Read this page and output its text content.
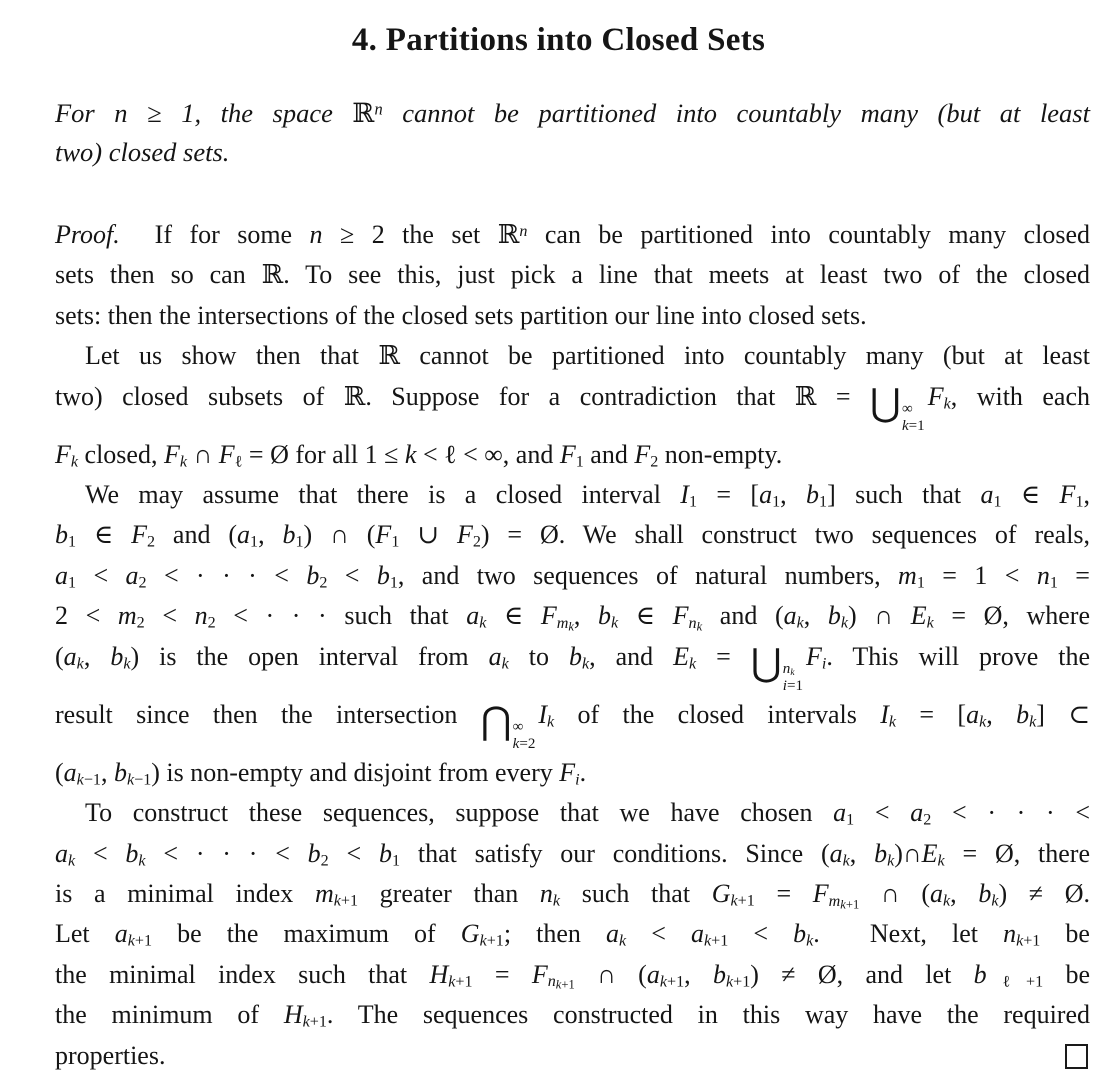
4. Partitions into Closed Sets
For n ≥ 1, the space ℝ$^n$ cannot be partitioned into countably many (but at least
two) closed sets.
Proof.  If for some n ≥ 2 the set ℝ$^n$ can be partitioned into countably many closed
sets then so can ℝ. To see this, just pick a line that meets at least two of the closed
sets: then the intersections of the closed sets partition our line into closed sets.
Let us show then that ℝ cannot be partitioned into countably many (but at least
two) closed subsets of ℝ. Suppose for a contradiction that ℝ = ⋃ ∞
k=1
$F_k$, with each
$F_k$ closed, $F_k$ ∩ $F_\ell$ = Ø for all 1 ≤ k < ℓ < ∞, and $F_1$ and $F_2$ non-empty.
We may assume that there is a closed interval $I_1 = [a_1$, $b_1$] such that $a_1$ ∈ $F_1$,
$b_1$ ∈ $F_2$ and ($a_1$, $b_1$) ∩ ($F_1$ ∪ $F_2$) = Ø. We shall construct two sequences of reals,
$a_1 < a_2$ < · · · < $b_2 < b_1$, and two sequences of natural numbers, $m_1 = 1 < n_1$ =
$2 < m_2 < n_2$ < · · · such that $a_k$ ∈ $F_{m_k}$, $b_k$ ∈ $F_{n_k}$ and ($a_k$, $b_k$) ∩ $E_k$ = Ø, where
($a_k$, $b_k$) is the open interval from $a_k$ to $b_k$, and $E_k$ = ⋃ $n_k$
i=1
$F_i$. This will prove the
result since then the intersection ⋂ ∞
k=2
$I_k$ of the closed intervals $I_k = [a_k$, $b_k$] ⊂
($a_{k-1}$, $b_{k-1}$) is non-empty and disjoint from every $F_i$.
To construct these sequences, suppose that we have chosen $a_1 < a_2$ < · · · <
$a_k < b_k$ < · · · < $b_2 < b_1$ that satisfy our conditions. Since ($a_k$, $b_k)\cap E_k$ = Ø, there
is a minimal index $m_{k+1}$ greater than $n_k$ such that $G_{k+1} = F_{m_{k+1}}$ ∩ ($a_k$, $b_k$) ≠ Ø.
Let $a_{k+1}$ be the maximum of $G_{k+1}$; then $a_k < a_{k+1} < b_k$.  Next, let $n_{k+1}$ be
the minimal index such that $H_{k+1} = F_{n_{k+1}}$ ∩ ($a_{k+1}$, $b_{k+1}$) ≠ Ø, and let $b_{\ell+1}$ be
the minimum of $H_{k+1}$. The sequences constructed in this way have the required
properties.
